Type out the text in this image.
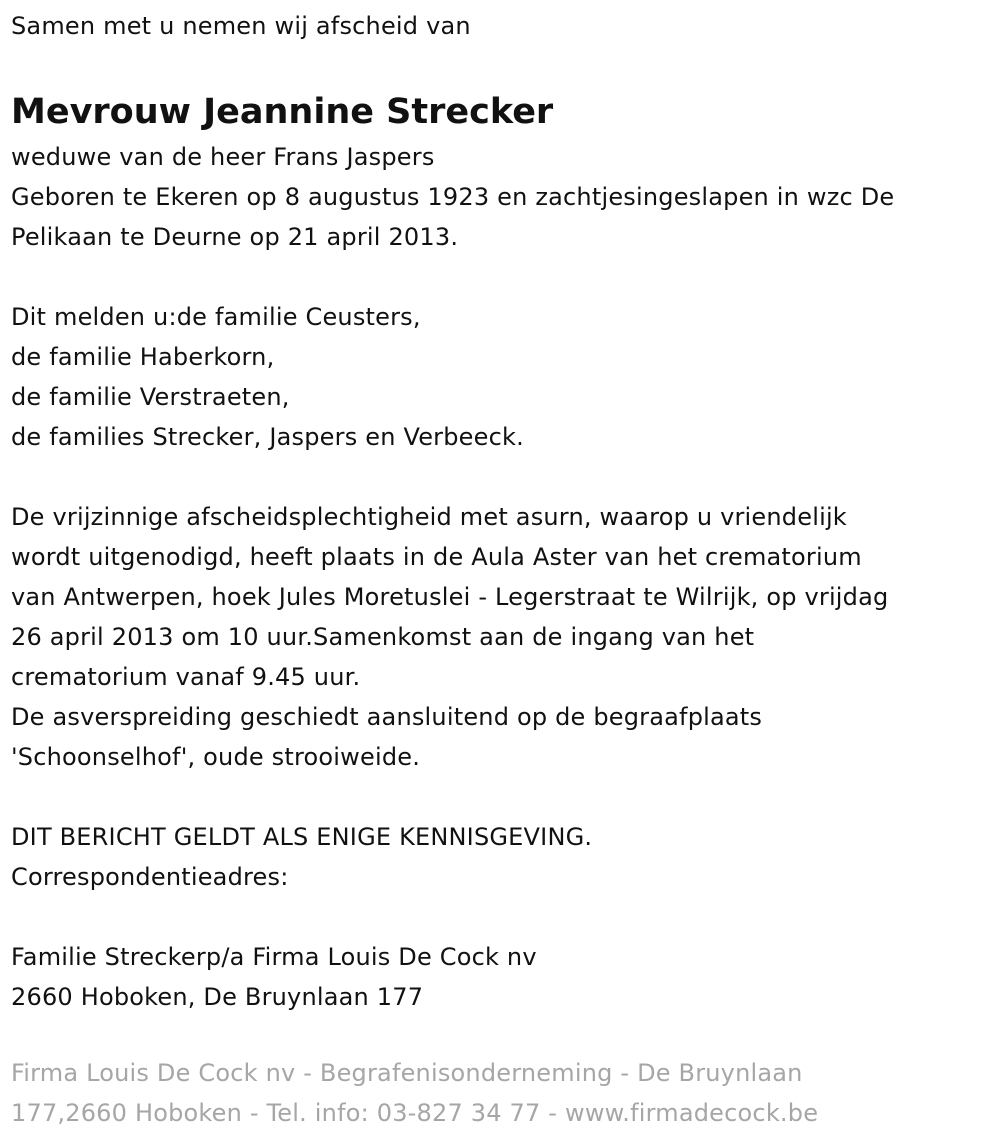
Samen met u nemen wij afscheid van
Mevrouw Jeannine Strecker
weduwe van de heer Frans Jaspers
Geboren te Ekeren op 8 augustus 1923 en zachtjesingeslapen in wzc De
Pelikaan te Deurne op 21 april 2013.
Dit melden u:de familie Ceusters,
de familie Haberkorn,
de familie Verstraeten,
de families Strecker, Jaspers en Verbeeck.
De vrijzinnige afscheidsplechtigheid met asurn, waarop u vriendelijk
wordt uitgenodigd, heeft plaats in de Aula Aster van het crematorium
van Antwerpen, hoek Jules Moretuslei - Legerstraat te Wilrijk, op vrijdag
26 april 2013 om 10 uur.Samenkomst aan de ingang van het
crematorium vanaf 9.45 uur.
De asverspreiding geschiedt aansluitend op de begraafplaats
'Schoonselhof', oude strooiweide.
DIT BERICHT GELDT ALS ENIGE KENNISGEVING.
Correspondentieadres:
Familie Streckerp/a Firma Louis De Cock nv
2660 Hoboken, De Bruynlaan 177
Firma Louis De Cock nv - Begrafenisonderneming - De Bruynlaan
177,2660 Hoboken - Tel. info: 03-827 34 77 - www.firmadecock.be
